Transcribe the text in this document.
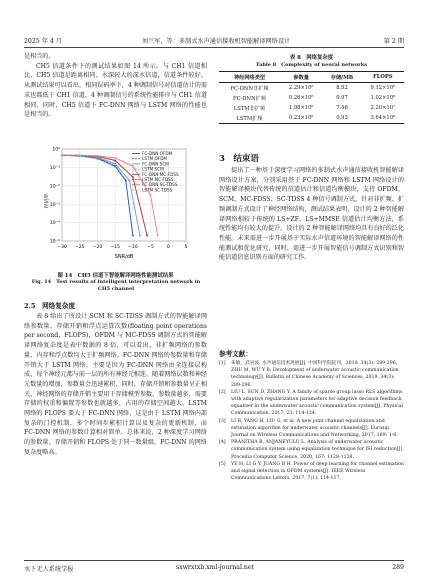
2025 年 4 月	刘兰军，等：多制式水声通信接收机智能解译网络设计	第 2 期
是相当的。
CH5 信道条件下的测试结果如图 14 所示。与 CH1 信道相比，CH5 信道是距离相同、水深较大的深水信道，信道条件较好，从测试结果可以看出，相同误码率下，4 种调制信号对信道估计的需求也都低于 CH1 信道，4 种调制信号的系统性能排序与 CH1 信道相同，同时，CH5 信道下 FC-DNN 网络与 LSTM 网络的性能也是相当的。
−30 −25 −20 −15 −10 −5	0	5
10⁰
10⁻¹
10⁻²
10⁻³
10⁻⁴
10⁻⁵
FC-DNN OFDM
LSTM OFDM
FC-DNN SCM
LSTM SCM
FC-DNN MC-FDSS
LSTM MC-FDSS
FC-DNN SC-TDSS
LSTM SC-TDSS
误码率
SNR/dB
图 14　CH5 信道下智能解译网络性能测试结果
Fig. 14　Test results of intelligent interpretation network in CH5 channel
2.5　网络复杂度
表 8 给出了所设计 SCM 和 SC-TDSS 调制方式的智能解译网络参数量、存储开销和浮点运算次数(floating point operations per second，FLOPS)，OFDM 与 MC-FDSS 调制方式的智能解译网络复杂度是表中数据的 8 倍，可以看出，非扩频网络的参数量、内存和浮点数均大于扩频网络。FC-DNN 网络的参数量和存储开销大于 LSTM 网络，主要是因为 FC-DNN 网络由全连接层构成，每个神经元都与前一层的所有神经元相连，随着网络层数和神经元数量的增加，参数量会迅速累积，同时，存储开销和参数量呈正相关，神经网络的存储开销主要用于存储模型参数，参数量越多，需要存储的权重和偏置等参数也就越多，占用的存储空间越大。LSTM 网络的 FLOPS 要大于 FC-DNN 网络，这是由于 LSTM 网络内部复杂的门控机制，多个时间步累积计算以及复杂的更新机制，而 FC-DNN 网络的参数计算相对简单。总体来说，2 种深度学习网络的参数量、存储开销和 FLOPS 处于同一数量级，FC-DNN 的网络复杂度略高。
表 8　网络复杂度
Table 8　Complexity of neural networks
神经网络类型	参数量	存储/MB	FLOPS
FC-DNN非扩频	2.29×10⁶	8.52	9.12×10⁶
FC-DNN扩频	0.26×10⁶	0.97	1.02×10⁶
LSTM非扩频	1.98×10⁶	7.46	2.20×10⁷
LSTM扩频	0.23×10⁶	0.93	3.64×10⁶
3　结束语
提出了一种基于深度学习网络的多制式水声通信接收机智能解译网络设计方案，分别采用基于 FC-DNN 网络和 LSTM 网络设计的智能解译模块代替传统的信道估计和信道均衡模块，支持 OFDM、SCM、MC-FDSS、SC-TDSS 4 种信号调制方式，针对非扩频、扩频调制方式设计了神经网络结构，测试结果表明，设计的 2 种智能解译网络相较于传统的 LS+ZF、LS+MMSE 信道估计均衡方法，系统性能均有较大的提升，设计的 2 种智能解译网络均具有良好的泛化性能。未来需进一步开展基于实际水声信道环境的智能解译网络的性能测试和优化研究，同时，需进一步开展智能信号调制方式识别和智能信道信息识别方面的研究工作。
参考文献：
[1]	朱敏，武岩波. 水声通信技术进展[J]. 中国科学院院刊，2019, 34(3): 289-296.
ZHU M, WU Y B. Development of underwater acoustic communication technology[J]. Bulletin of Chinese Academy of Sciences, 2019, 34(3): 289-296.
[2]	LIU L, SUN D, ZHANG Y. A family of sparse group lasso RLS algorithms with adaptive regularization parameters for adaptive decision feedback equalizer in the underwater acoustic communication system[J]. Physical Communication, 2017, 23: 114-124.
[3]	LI B, YANG H, LIU G, et al. A new joint channel equalization and estimation algorithm for underwater acoustic channels[J]. Eurasip Journal on Wireless Communications and Networking, 2017, 169: 1-6.
[4]	PRANITHA B, ANJANEYULU L. Analysis of underwater acoustic communication system using equalization technique for ISI reduction[J]. Procedia Computer Science, 2020, 167: 1128-1138.
[5]	YE H, LI G Y, JUANG B H. Power of deep learning for channel estimation and signal detection in OFDM systems[J]. IEEE Wireless Communications Letters, 2017, 7(1): 114-117.
水下无人系统学报	sxwrxtxb.xml-journal.net	289
